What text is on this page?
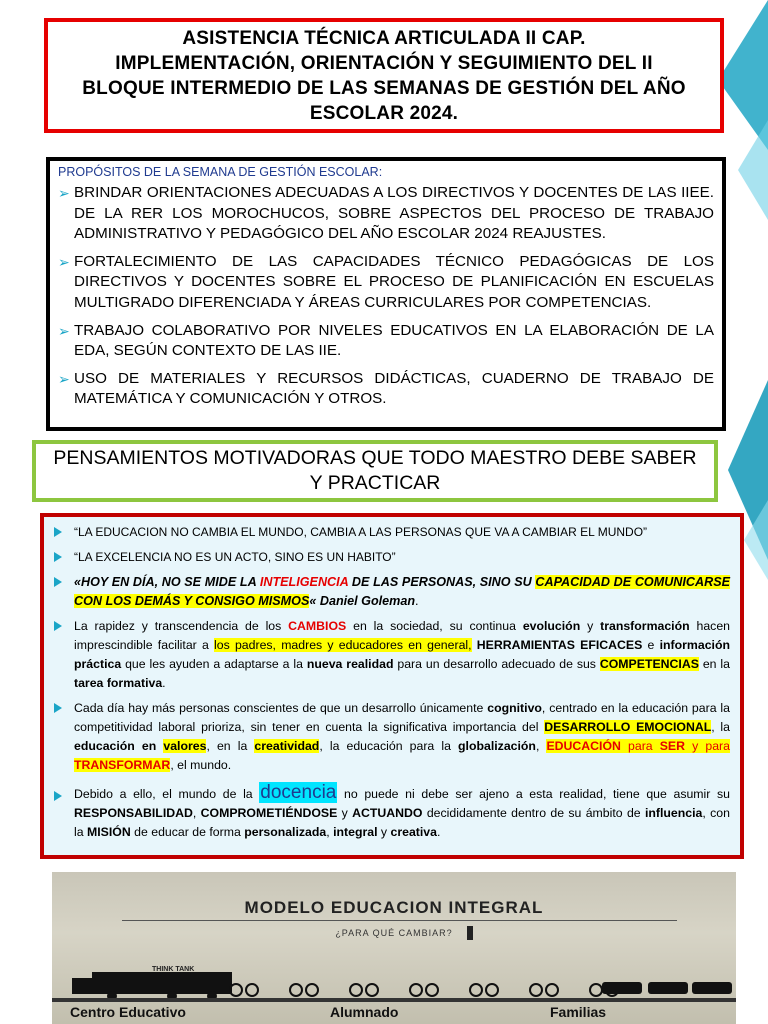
ASISTENCIA TÉCNICA ARTICULADA II CAP.
IMPLEMENTACIÓN, ORIENTACIÓN Y SEGUIMIENTO DEL II
BLOQUE INTERMEDIO DE LAS SEMANAS DE GESTIÓN DEL AÑO
ESCOLAR 2024.
PROPÓSITOS DE LA SEMANA DE GESTIÓN ESCOLAR:
➢ BRINDAR ORIENTACIONES ADECUADAS A LOS DIRECTIVOS Y DOCENTES DE LAS IIEE. DE LA RER LOS MOROCHUCOS, SOBRE ASPECTOS DEL PROCESO DE TRABAJO ADMINISTRATIVO Y PEDAGÓGICO DEL AÑO ESCOLAR 2024 REAJUSTES.
➢ FORTALECIMIENTO DE LAS CAPACIDADES TÉCNICO PEDAGÓGICAS DE LOS DIRECTIVOS Y DOCENTES SOBRE EL PROCESO DE PLANIFICACIÓN EN ESCUELAS MULTIGRADO DIFERENCIADA Y ÁREAS CURRICULARES POR COMPETENCIAS.
➢ TRABAJO COLABORATIVO POR NIVELES EDUCATIVOS EN LA ELABORACIÓN DE LA EDA, SEGÚN CONTEXTO DE LAS IIE.
➢ USO DE MATERIALES Y RECURSOS DIDÁCTICAS, CUADERNO DE TRABAJO DE MATEMÁTICA Y COMUNICACIÓN Y OTROS.
PENSAMIENTOS MOTIVADORAS QUE TODO MAESTRO DEBE SABER Y PRACTICAR
“LA EDUCACION NO CAMBIA EL MUNDO, CAMBIA A LAS PERSONAS QUE VA A CAMBIAR EL MUNDO”
“LA EXCELENCIA NO ES UN ACTO, SINO ES UN HABITO”
«HOY EN DÍA, NO SE MIDE LA INTELIGENCIA DE LAS PERSONAS, SINO SU CAPACIDAD DE COMUNICARSE CON LOS DEMÁS Y CONSIGO MISMOS« Daniel Goleman.
La rapidez y transcendencia de los CAMBIOS en la sociedad, su continua evolución y transformación hacen imprescindible facilitar a los padres, madres y educadores en general, HERRAMIENTAS EFICACES e información práctica que les ayuden a adaptarse a la nueva realidad para un desarrollo adecuado de sus COMPETENCIAS en la tarea formativa.
Cada día hay más personas conscientes de que un desarrollo únicamente cognitivo, centrado en la educación para la competitividad laboral prioriza, sin tener en cuenta la significativa importancia del DESARROLLO EMOCIONAL, la educación en valores, en la creatividad, la educación para la globalización, EDUCACIÓN para SER y para TRANSFORMAR, el mundo.
Debido a ello, el mundo de la docencia no puede ni debe ser ajeno a esta realidad, tiene que asumir su RESPONSABILIDAD, COMPROMETIÉNDOSE y ACTUANDO decididamente dentro de su ámbito de influencia, con la MISIÓN de educar de forma personalizada, integral y creativa.
MODELO EDUCACION INTEGRAL
¿PARA QUÉ CAMBIAR?
THINK TANK
Centro Educativo	Alumnado	Familias
